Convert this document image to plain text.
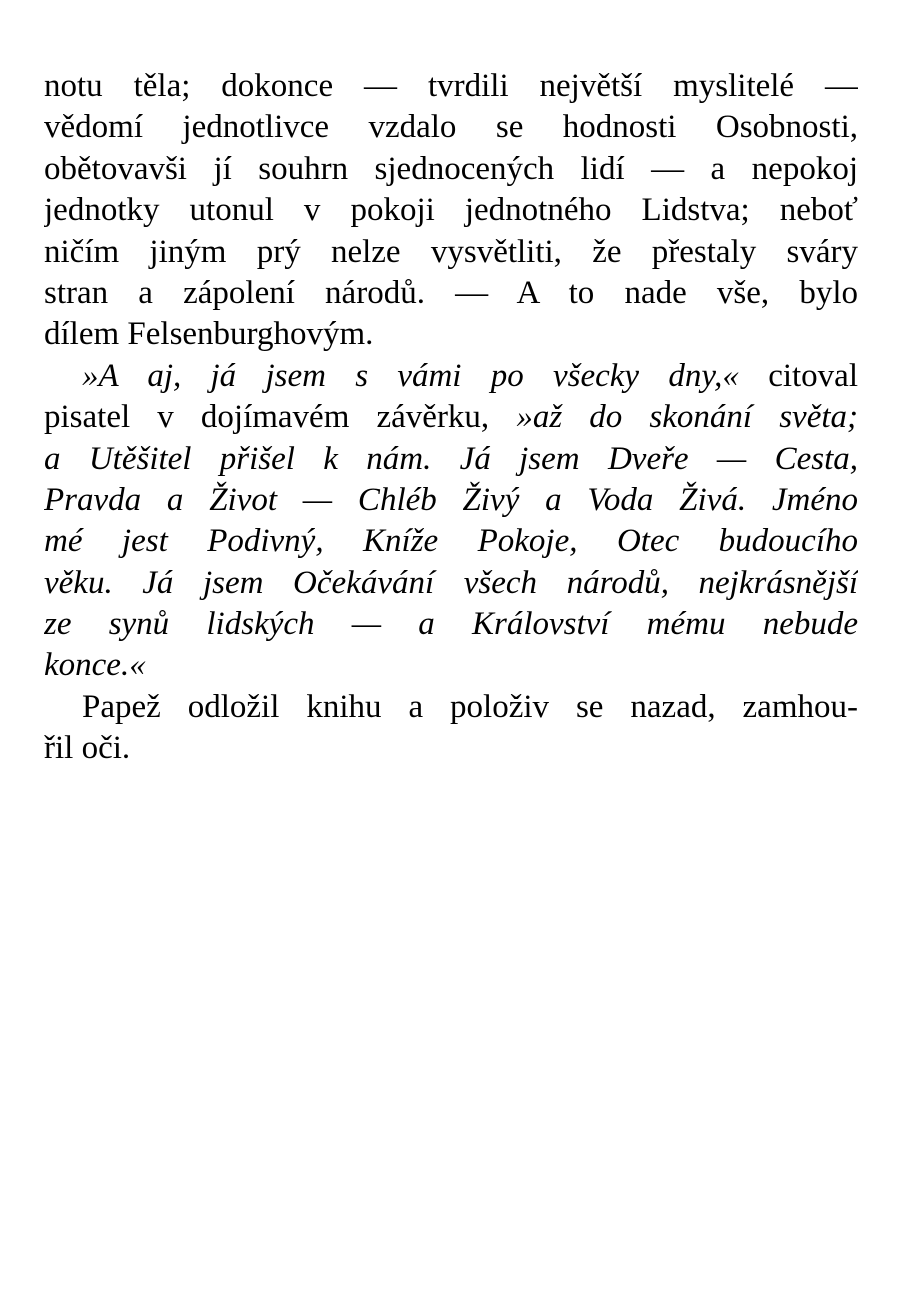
notu těla; dokonce — tvrdili největší myslitelé —
vědomí jednotlivce vzdalo se hodnosti Osobnosti,
obětovavši jí souhrn sjednocených lidí — a nepokoj
jednotky utonul v pokoji jednotného Lidstva; neboť
ničím jiným prý nelze vysvětliti, že přestaly sváry
stran a zápolení národů. — A to nade vše, bylo
dílem Felsenburghovým.
»A aj, já jsem s vámi po všecky dny,« citoval
pisatel v dojímavém závěrku, »až do skonání světa;
a Utěšitel přišel k nám. Já jsem Dveře — Cesta,
Pravda a Život — Chléb Živý a Voda Živá. Jméno
mé jest Podivný, Kníže Pokoje, Otec budoucího
věku. Já jsem Očekávání všech národů, nejkrásnější
ze synů lidských — a Království mému nebude
konce.«
Papež odložil knihu a položiv se nazad, zamhou-
řil oči.
